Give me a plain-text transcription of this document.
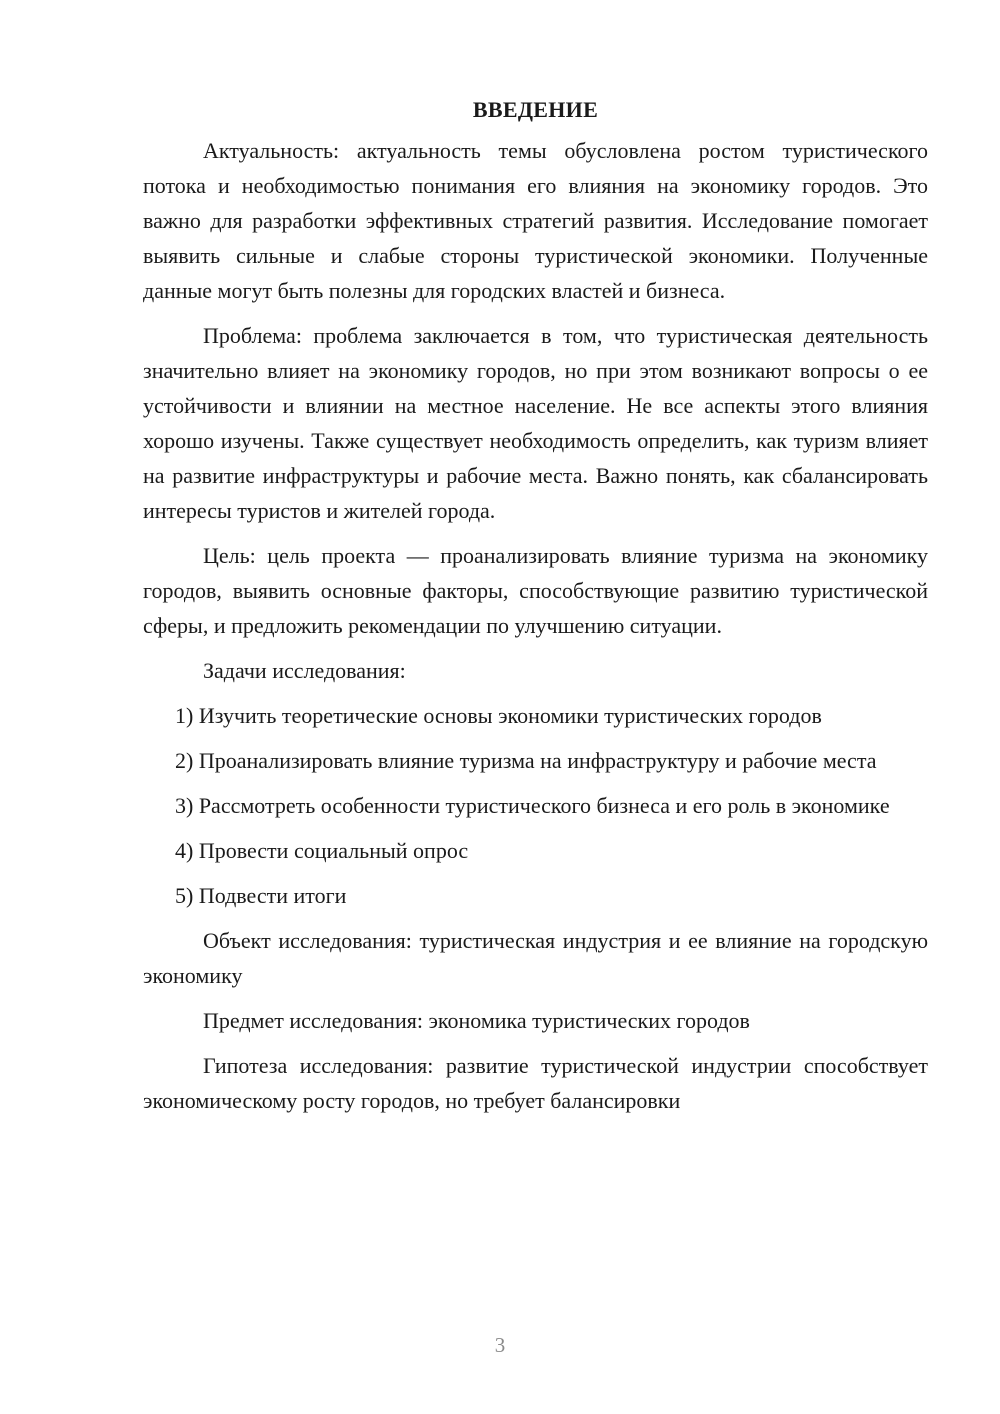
ВВЕДЕНИЕ

Актуальность: актуальность темы обусловлена ростом туристического потока и необходимостью понимания его влияния на экономику городов. Это важно для разработки эффективных стратегий развития. Исследование помогает выявить сильные и слабые стороны туристической экономики. Полученные данные могут быть полезны для городских властей и бизнеса.

Проблема: проблема заключается в том, что туристическая деятельность значительно влияет на экономику городов, но при этом возникают вопросы о ее устойчивости и влиянии на местное население. Не все аспекты этого влияния хорошо изучены. Также существует необходимость определить, как туризм влияет на развитие инфраструктуры и рабочие места. Важно понять, как сбалансировать интересы туристов и жителей города.

Цель: цель проекта — проанализировать влияние туризма на экономику городов, выявить основные факторы, способствующие развитию туристической сферы, и предложить рекомендации по улучшению ситуации.

Задачи исследования:

1) Изучить теоретические основы экономики туристических городов

2) Проанализировать влияние туризма на инфраструктуру и рабочие места

3) Рассмотреть особенности туристического бизнеса и его роль в экономике

4) Провести социальный опрос

5) Подвести итоги

Объект исследования: туристическая индустрия и ее влияние на городскую экономику

Предмет исследования: экономика туристических городов

Гипотеза исследования: развитие туристической индустрии способствует экономическому росту городов, но требует балансировки

3
